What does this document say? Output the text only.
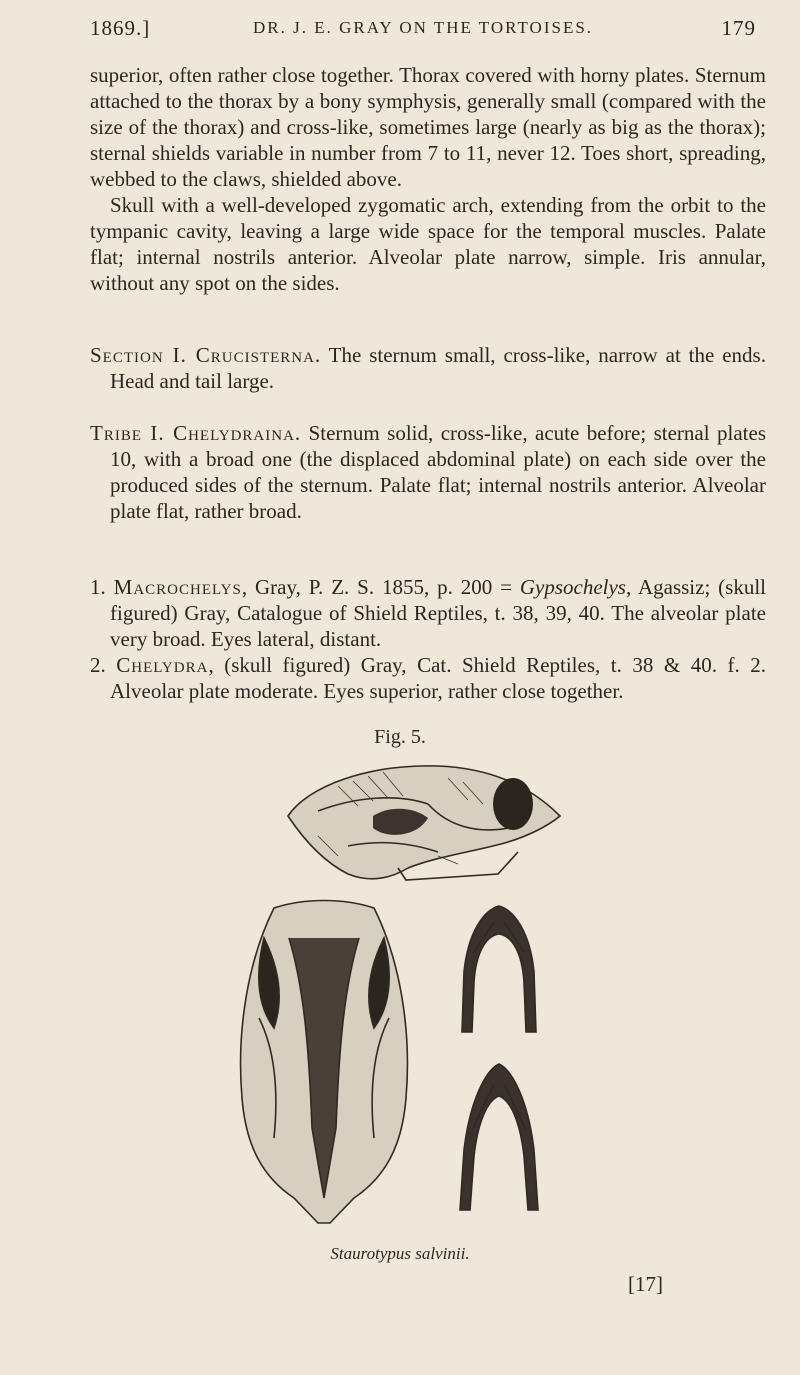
1869.]	DR. J. E. GRAY ON THE TORTOISES.	179

superior, often rather close together. Thorax covered with horny plates. Sternum attached to the thorax by a bony symphysis, generally small (compared with the size of the thorax) and cross-like, sometimes large (nearly as big as the thorax); sternal shields variable in number from 7 to 11, never 12. Toes short, spreading, webbed to the claws, shielded above.

Skull with a well-developed zygomatic arch, extending from the orbit to the tympanic cavity, leaving a large wide space for the temporal muscles. Palate flat; internal nostrils anterior. Alveolar plate narrow, simple. Iris annular, without any spot on the sides.

Section I. Crucisterna. The sternum small, cross-like, narrow at the ends. Head and tail large.

Tribe I. Chelydraina. Sternum solid, cross-like, acute before; sternal plates 10, with a broad one (the displaced abdominal plate) on each side over the produced sides of the sternum. Palate flat; internal nostrils anterior. Alveolar plate flat, rather broad.

1. Macrochelys, Gray, P. Z. S. 1855, p. 200 = Gypsochelys, Agassiz; (skull figured) Gray, Catalogue of Shield Reptiles, t. 38, 39, 40. The alveolar plate very broad. Eyes lateral, distant.

2. Chelydra, (skull figured) Gray, Cat. Shield Reptiles, t. 38 & 40. f. 2. Alveolar plate moderate. Eyes superior, rather close together.

Fig. 5.
Staurotypus salvinii.
[17]
